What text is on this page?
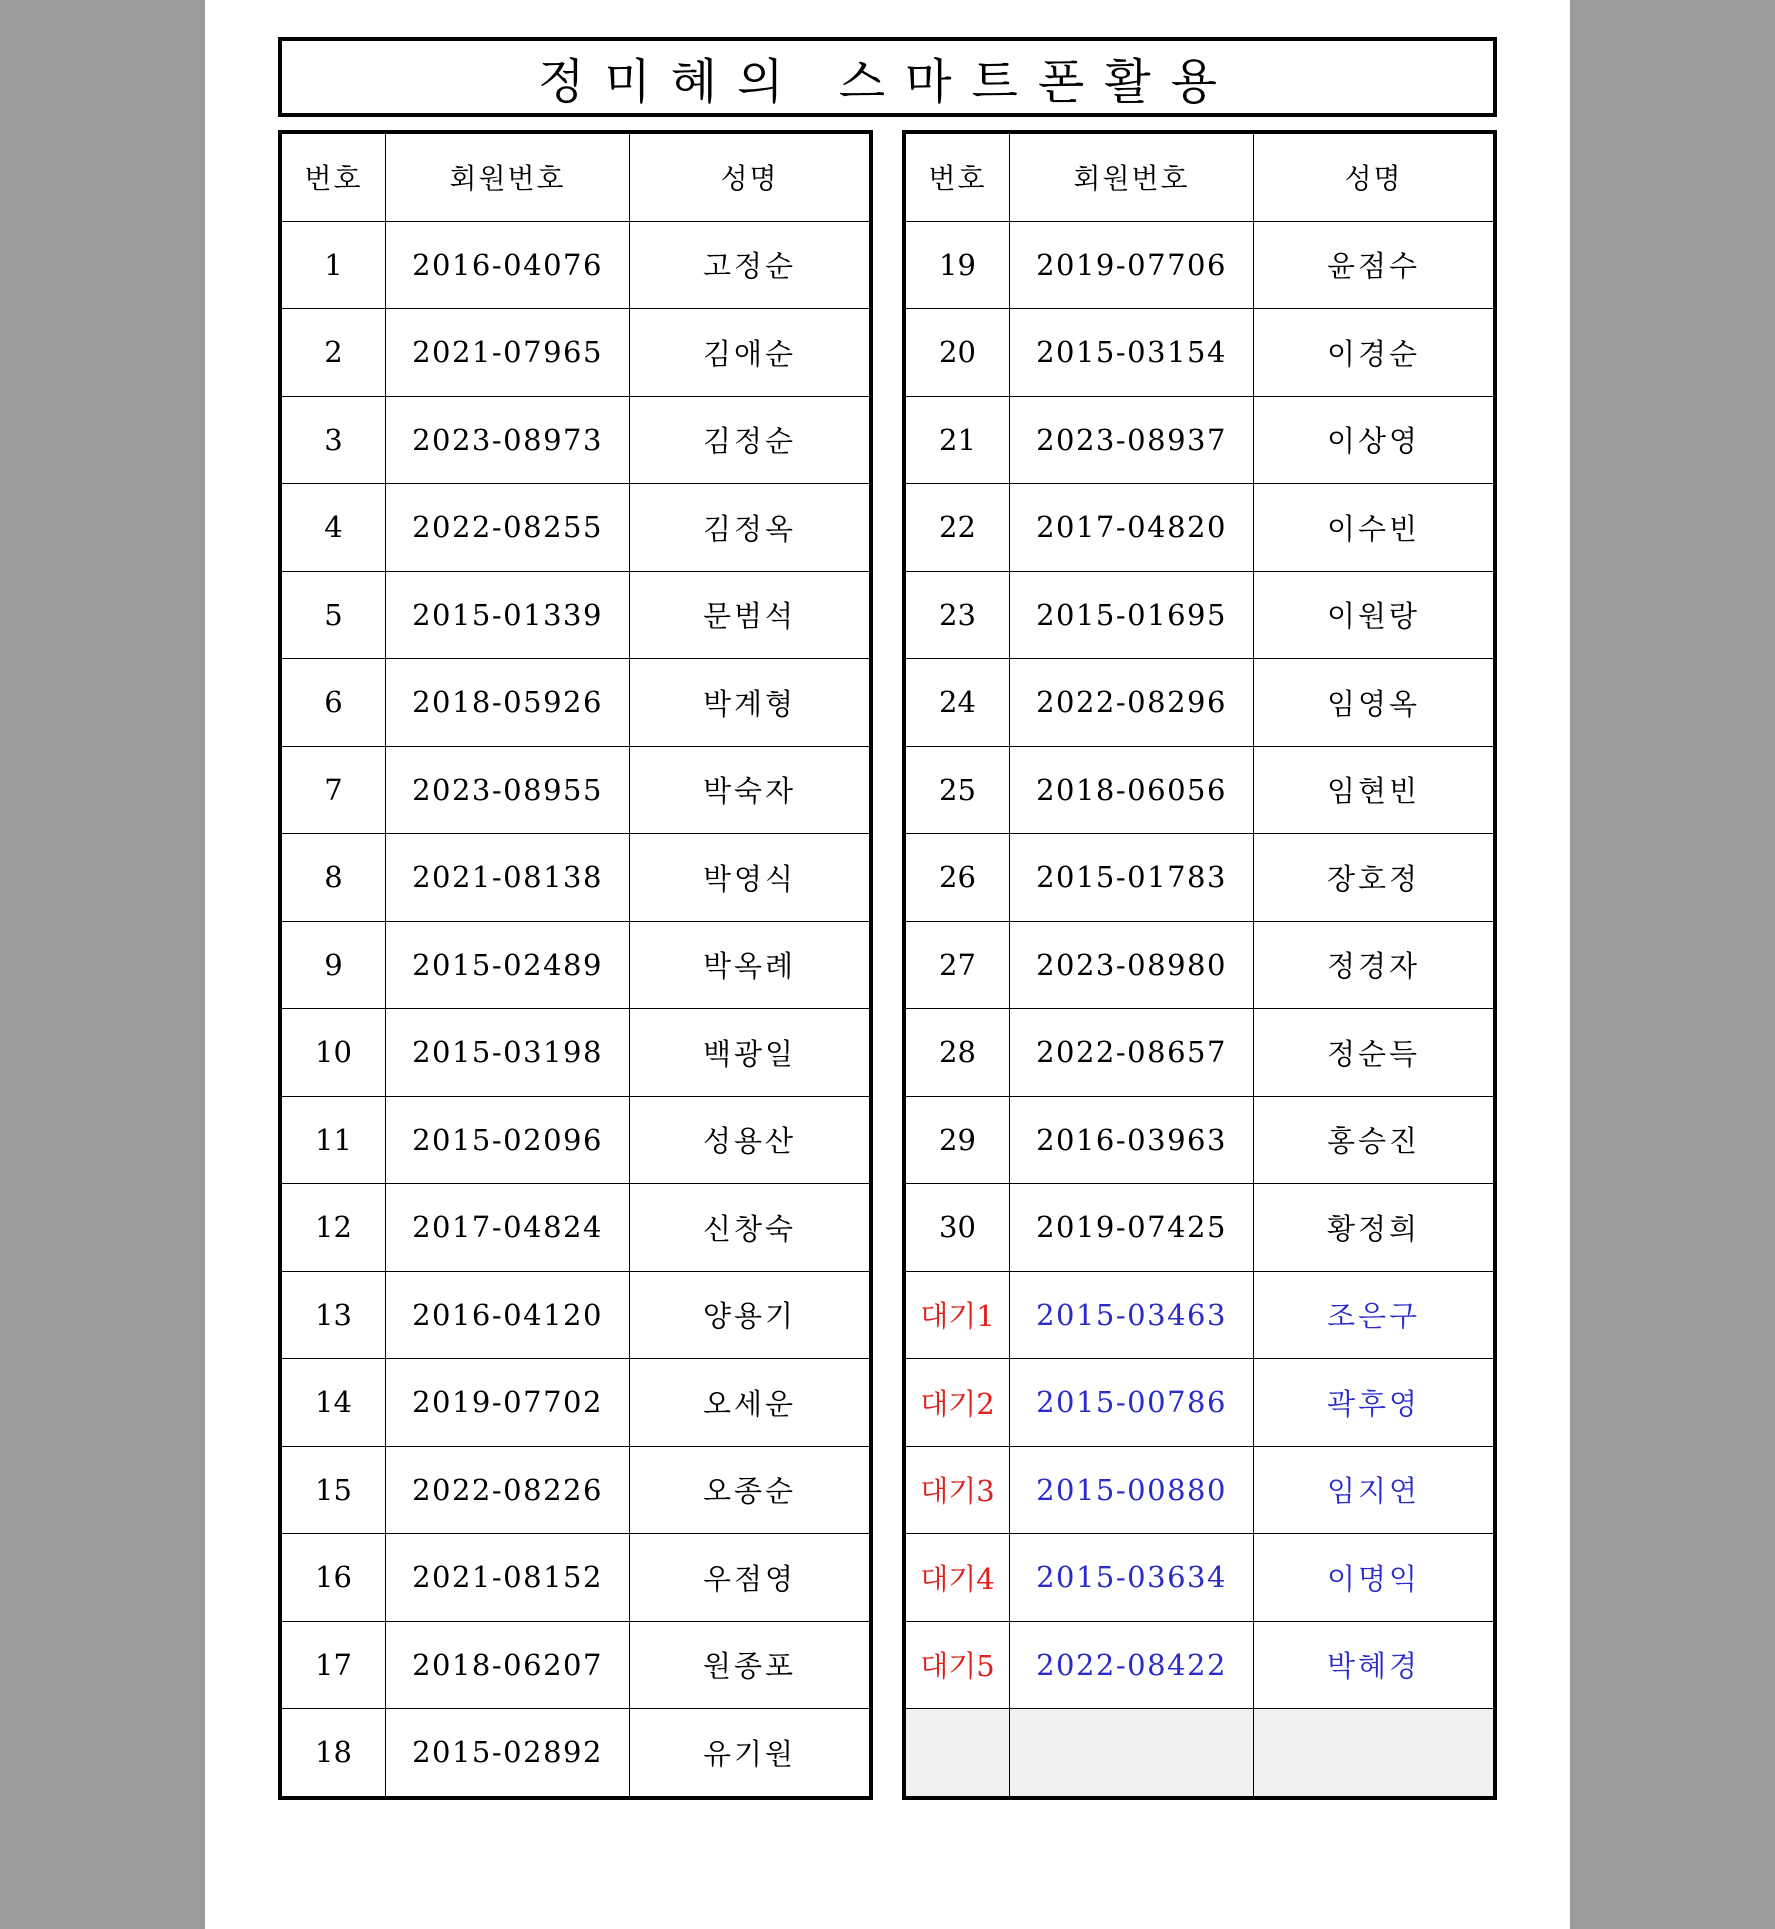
정미혜의 스마트폰활용
번호	회원번호	성명
1	2016-04076	고정순
2	2021-07965	김애순
3	2023-08973	김정순
4	2022-08255	김정옥
5	2015-01339	문범석
6	2018-05926	박계형
7	2023-08955	박숙자
8	2021-08138	박영식
9	2015-02489	박옥례
10	2015-03198	백광일
11	2015-02096	성용산
12	2017-04824	신창숙
13	2016-04120	양용기
14	2019-07702	오세운
15	2022-08226	오종순
16	2021-08152	우점영
17	2018-06207	원종포
18	2015-02892	유기원
번호	회원번호	성명
19	2019-07706	윤점수
20	2015-03154	이경순
21	2023-08937	이상영
22	2017-04820	이수빈
23	2015-01695	이원랑
24	2022-08296	임영옥
25	2018-06056	임현빈
26	2015-01783	장호정
27	2023-08980	정경자
28	2022-08657	정순득
29	2016-03963	홍승진
30	2019-07425	황정희
대기1	2015-03463	조은구
대기2	2015-00786	곽후영
대기3	2015-00880	임지연
대기4	2015-03634	이명익
대기5	2022-08422	박혜경
